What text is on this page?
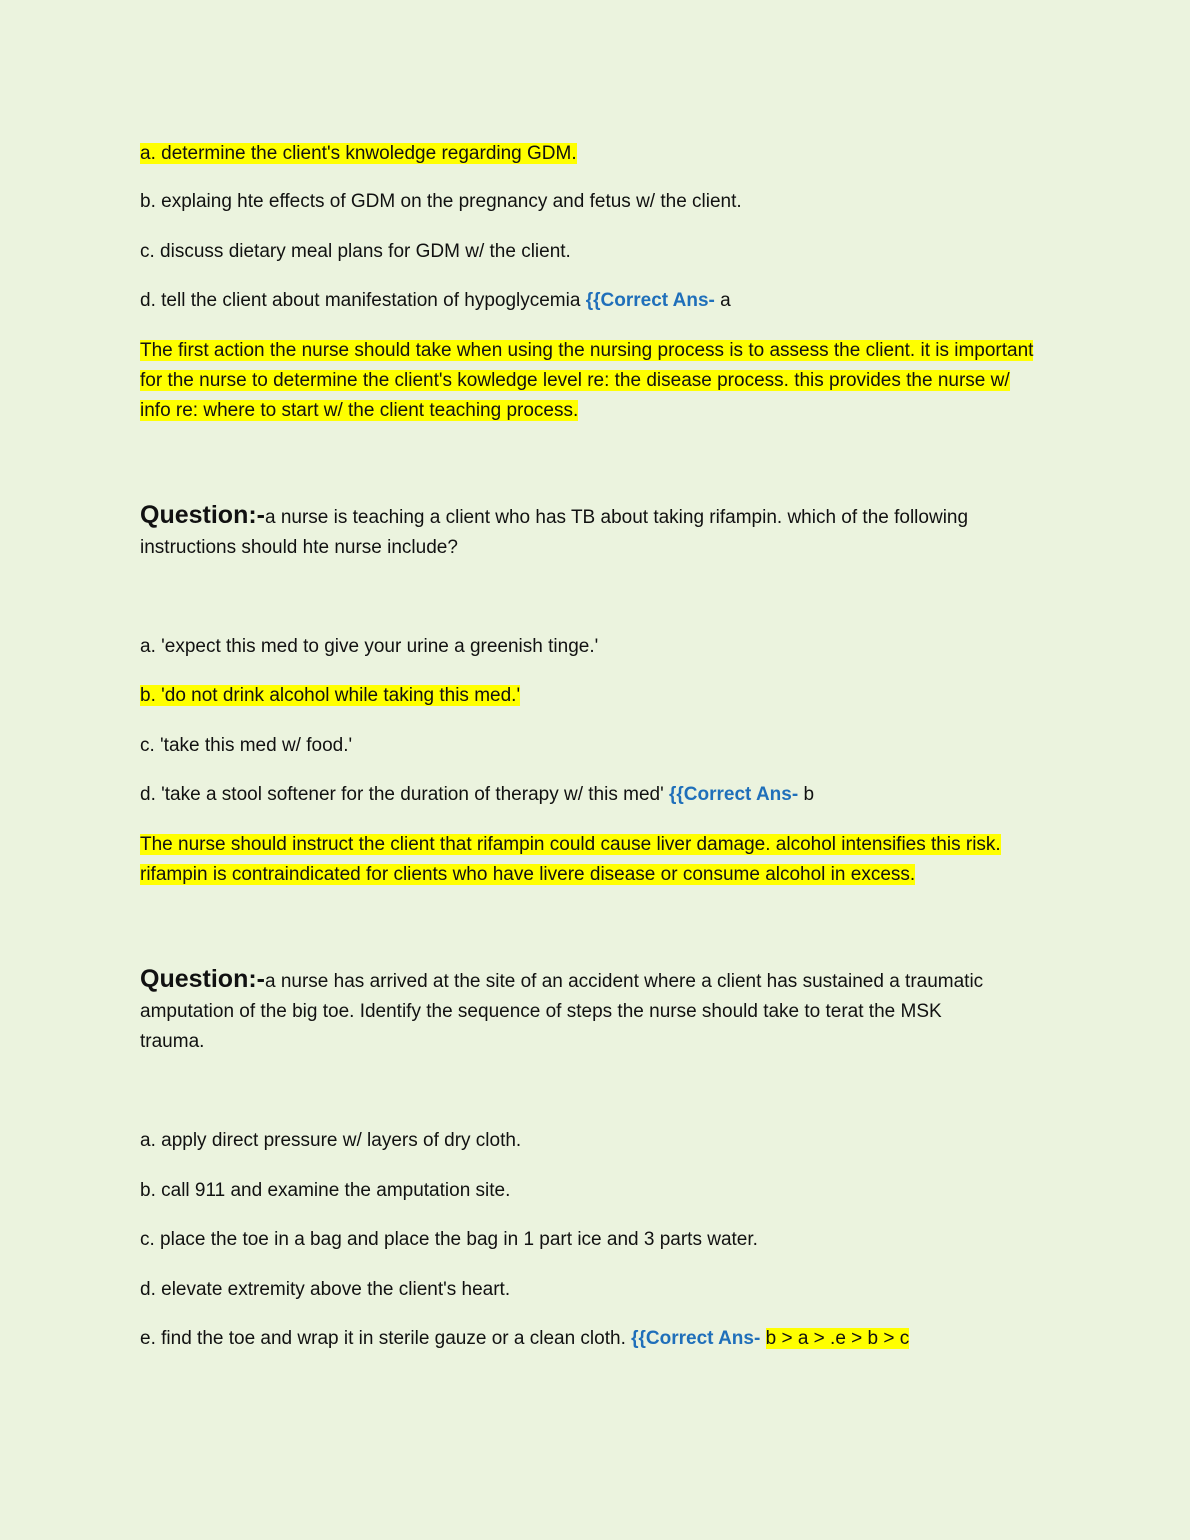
a. determine the client's knwoledge regarding GDM.
b. explaing hte effects of GDM on the pregnancy and fetus w/ the client.
c. discuss dietary meal plans for GDM w/ the client.
d. tell the client about manifestation of hypoglycemia {{Correct Ans- a
The first action the nurse should take when using the nursing process is to assess the client. it is important for the nurse to determine the client's kowledge level re: the disease process. this provides the nurse w/ info re: where to start w/ the client teaching process.
Question:-a nurse is teaching a client who has TB about taking rifampin. which of the following
instructions should hte nurse include?
a. 'expect this med to give your urine a greenish tinge.'
b. 'do not drink alcohol while taking this med.'
c. 'take this med w/ food.'
d. 'take a stool softener for the duration of therapy w/ this med' {{Correct Ans- b
The nurse should instruct the client that rifampin could cause liver damage. alcohol intensifies this risk. rifampin is contraindicated for clients who have livere disease or consume alcohol in excess.
Question:-a nurse has arrived at the site of an accident where a client has sustained a traumatic
amputation of the big toe. Identify the sequence of steps the nurse should take to terat the MSK
trauma.
a. apply direct pressure w/ layers of dry cloth.
b. call 911 and examine the amputation site.
c. place the toe in a bag and place the bag in 1 part ice and 3 parts water.
d. elevate extremity above the client's heart.
e. find the toe and wrap it in sterile gauze or a clean cloth. {{Correct Ans- b > a > .e > b > c
